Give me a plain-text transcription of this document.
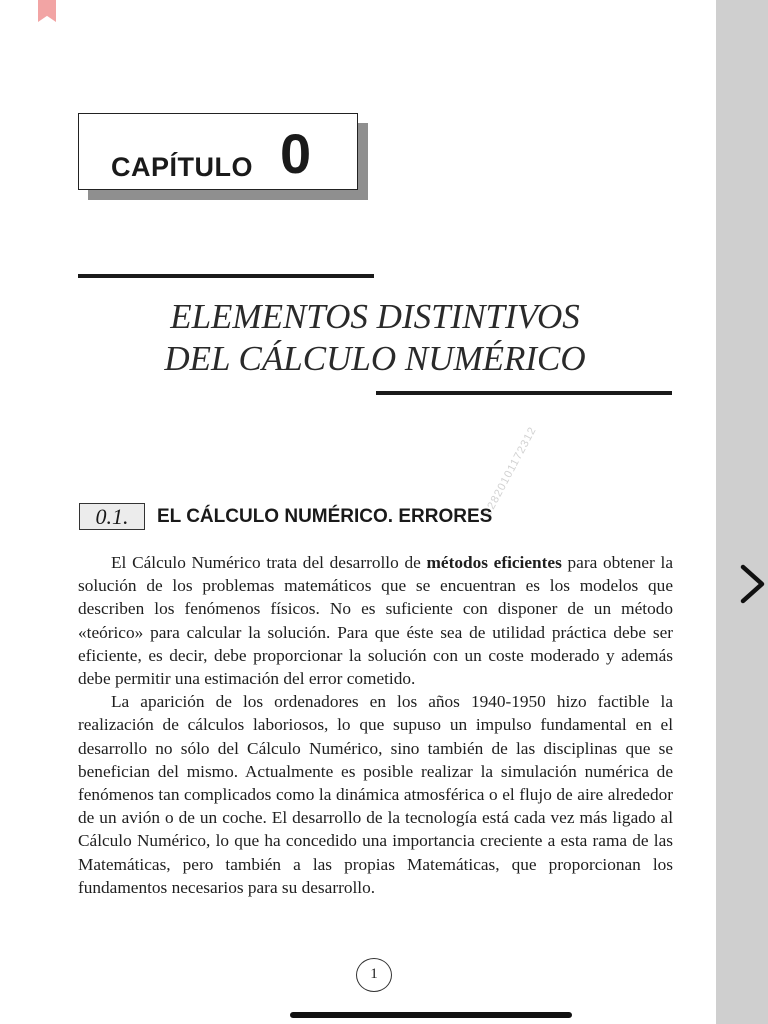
CAPÍTULO 0
ELEMENTOS DISTINTIVOS
DEL CÁLCULO NUMÉRICO
92820101172312
0.1.	EL CÁLCULO NUMÉRICO. ERRORES

El Cálculo Numérico trata del desarrollo de métodos eficientes para obtener la solución de los problemas matemáticos que se encuentran es los modelos que describen los fenómenos físicos. No es suficiente con disponer de un método «teórico» para calcular la solución. Para que éste sea de utilidad práctica debe ser eficiente, es decir, debe proporcionar la solución con un coste moderado y además debe permitir una estimación del error cometido.

La aparición de los ordenadores en los años 1940-1950 hizo factible la realización de cálculos laboriosos, lo que supuso un impulso fundamental en el desarrollo no sólo del Cálculo Numérico, sino también de las disciplinas que se benefician del mismo. Actualmente es posible realizar la simulación numérica de fenómenos tan complicados como la dinámica atmosférica o el flujo de aire alrededor de un avión o de un coche. El desarrollo de la tecnología está cada vez más ligado al Cálculo Numérico, lo que ha concedido una importancia creciente a esta rama de las Matemáticas, pero también a las propias Matemáticas, que proporcionan los fundamentos necesarios para su desarrollo.

1
